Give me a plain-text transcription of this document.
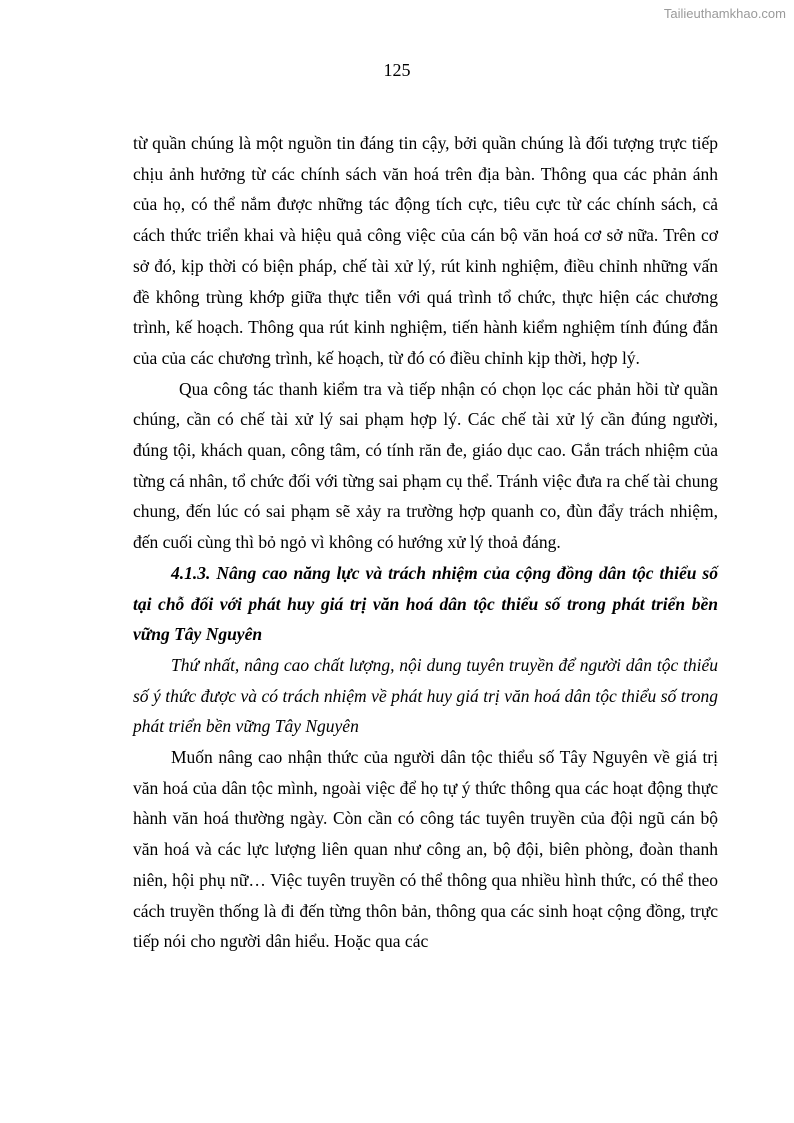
Tailieuthamkhao.com
125

từ quần chúng là một nguồn tin đáng tin cậy, bởi quần chúng là đối tượng trực tiếp chịu ảnh hưởng từ các chính sách văn hoá trên địa bàn. Thông qua các phản ánh của họ, có thể nắm được những tác động tích cực, tiêu cực từ các chính sách, cả cách thức triển khai và hiệu quả công việc của cán bộ văn hoá cơ sở nữa. Trên cơ sở đó, kịp thời có biện pháp, chế tài xử lý, rút kinh nghiệm, điều chỉnh những vấn đề không trùng khớp giữa thực tiễn với quá trình tổ chức, thực hiện các chương trình, kế hoạch. Thông qua rút kinh nghiệm, tiến hành kiểm nghiệm tính đúng đắn của của các chương trình, kế hoạch, từ đó có điều chỉnh kịp thời, hợp lý.

Qua công tác thanh kiểm tra và tiếp nhận có chọn lọc các phản hồi từ quần chúng, cần có chế tài xử lý sai phạm hợp lý. Các chế tài xử lý cần đúng người, đúng tội, khách quan, công tâm, có tính răn đe, giáo dục cao. Gắn trách nhiệm của từng cá nhân, tổ chức đối với từng sai phạm cụ thể. Tránh việc đưa ra chế tài chung chung, đến lúc có sai phạm sẽ xảy ra trường hợp quanh co, đùn đẩy trách nhiệm, đến cuối cùng thì bỏ ngỏ vì không có hướng xử lý thoả đáng.

4.1.3. Nâng cao năng lực và trách nhiệm của cộng đồng dân tộc thiểu số tại chỗ đối với phát huy giá trị văn hoá dân tộc thiểu số trong phát triển bền vững Tây Nguyên

Thứ nhất, nâng cao chất lượng, nội dung tuyên truyền để người dân tộc thiểu số ý thức được và có trách nhiệm về phát huy giá trị văn hoá dân tộc thiểu số trong phát triển bền vững Tây Nguyên

Muốn nâng cao nhận thức của người dân tộc thiểu số Tây Nguyên về giá trị văn hoá của dân tộc mình, ngoài việc để họ tự ý thức thông qua các hoạt động thực hành văn hoá thường ngày. Còn cần có công tác tuyên truyền của đội ngũ cán bộ văn hoá và các lực lượng liên quan như công an, bộ đội, biên phòng, đoàn thanh niên, hội phụ nữ… Việc tuyên truyền có thể thông qua nhiều hình thức, có thể theo cách truyền thống là đi đến từng thôn bản, thông qua các sinh hoạt cộng đồng, trực tiếp nói cho người dân hiểu. Hoặc qua các
